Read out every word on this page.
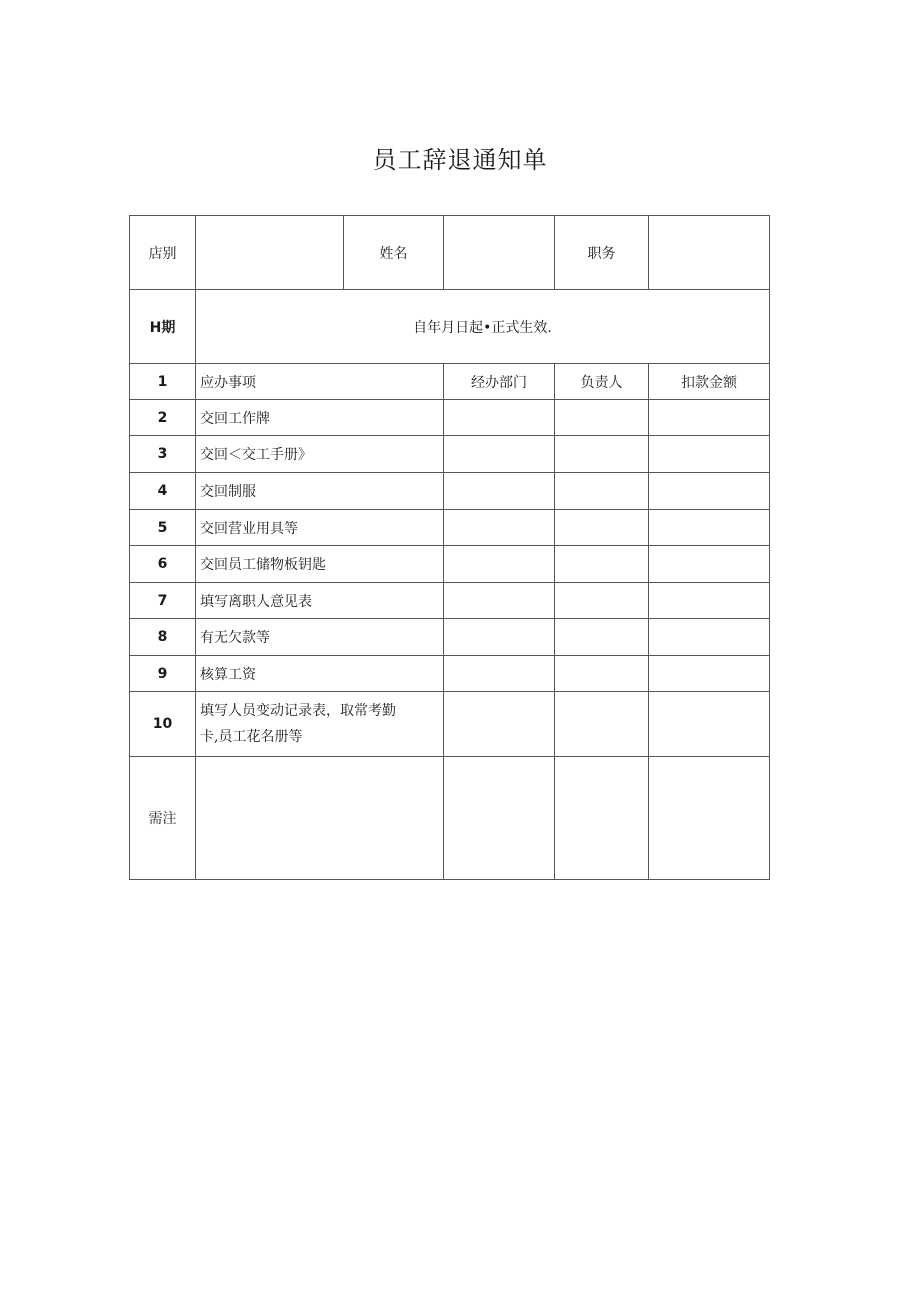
员工辞退通知单
店别		姓名		职务	
H期	自年月日起•正式生效.				
1	应办事项		经办部门	负责人	扣款金额
2	交回工作牌				
3	交回＜交工手册》				
4	交回制服				
5	交回营业用具等				
6	交回员工储物板钥匙				
7	填写离职人意见表				
8	有无欠款等				
9	核算工资				
10	填写人员变动记录表，取常考勤
卡,员工花名册等				

需注					
